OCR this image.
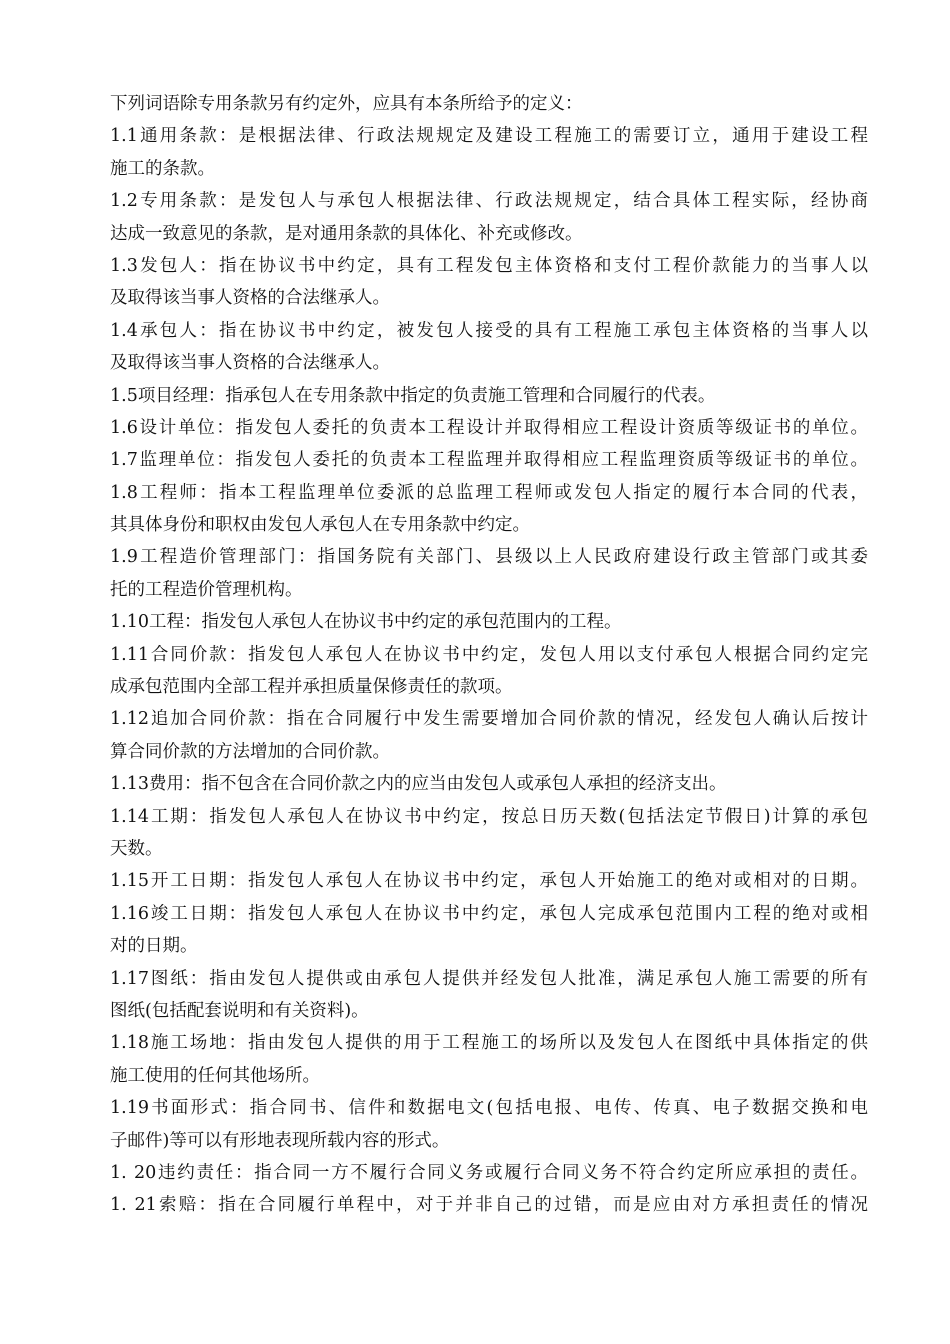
下列词语除专用条款另有约定外，应具有本条所给予的定义：
1.1通用条款：是根据法律、行政法规规定及建设工程施工的需要订立，通用于建设工程
施工的条款。
1.2专用条款：是发包人与承包人根据法律、行政法规规定，结合具体工程实际，经协商
达成一致意见的条款，是对通用条款的具体化、补充或修改。
1.3发包人：指在协议书中约定，具有工程发包主体资格和支付工程价款能力的当事人以
及取得该当事人资格的合法继承人。
1.4承包人：指在协议书中约定，被发包人接受的具有工程施工承包主体资格的当事人以
及取得该当事人资格的合法继承人。
1.5项目经理：指承包人在专用条款中指定的负责施工管理和合同履行的代表。
1.6设计单位：指发包人委托的负责本工程设计并取得相应工程设计资质等级证书的单位。
1.7监理单位：指发包人委托的负责本工程监理并取得相应工程监理资质等级证书的单位。
1.8工程师：指本工程监理单位委派的总监理工程师或发包人指定的履行本合同的代表，
其具体身份和职权由发包人承包人在专用条款中约定。
1.9工程造价管理部门：指国务院有关部门、县级以上人民政府建设行政主管部门或其委
托的工程造价管理机构。
1.10工程：指发包人承包人在协议书中约定的承包范围内的工程。
1.11合同价款：指发包人承包人在协议书中约定，发包人用以支付承包人根据合同约定完
成承包范围内全部工程并承担质量保修责任的款项。
1.12追加合同价款：指在合同履行中发生需要增加合同价款的情况，经发包人确认后按计
算合同价款的方法增加的合同价款。
1.13费用：指不包含在合同价款之内的应当由发包人或承包人承担的经济支出。
1.14工期：指发包人承包人在协议书中约定，按总日历天数(包括法定节假日)计算的承包
天数。
1.15开工日期：指发包人承包人在协议书中约定，承包人开始施工的绝对或相对的日期。
1.16竣工日期：指发包人承包人在协议书中约定，承包人完成承包范围内工程的绝对或相
对的日期。
1.17图纸：指由发包人提供或由承包人提供并经发包人批准，满足承包人施工需要的所有
图纸(包括配套说明和有关资料)。
1.18施工场地：指由发包人提供的用于工程施工的场所以及发包人在图纸中具体指定的供
施工使用的任何其他场所。
1.19书面形式：指合同书、信件和数据电文(包括电报、电传、传真、电子数据交换和电
子邮件)等可以有形地表现所载内容的形式。
1. 20违约责任：指合同一方不履行合同义务或履行合同义务不符合约定所应承担的责任。
1. 21索赔：指在合同履行单程中，对于并非自己的过错，而是应由对方承担责任的情况
